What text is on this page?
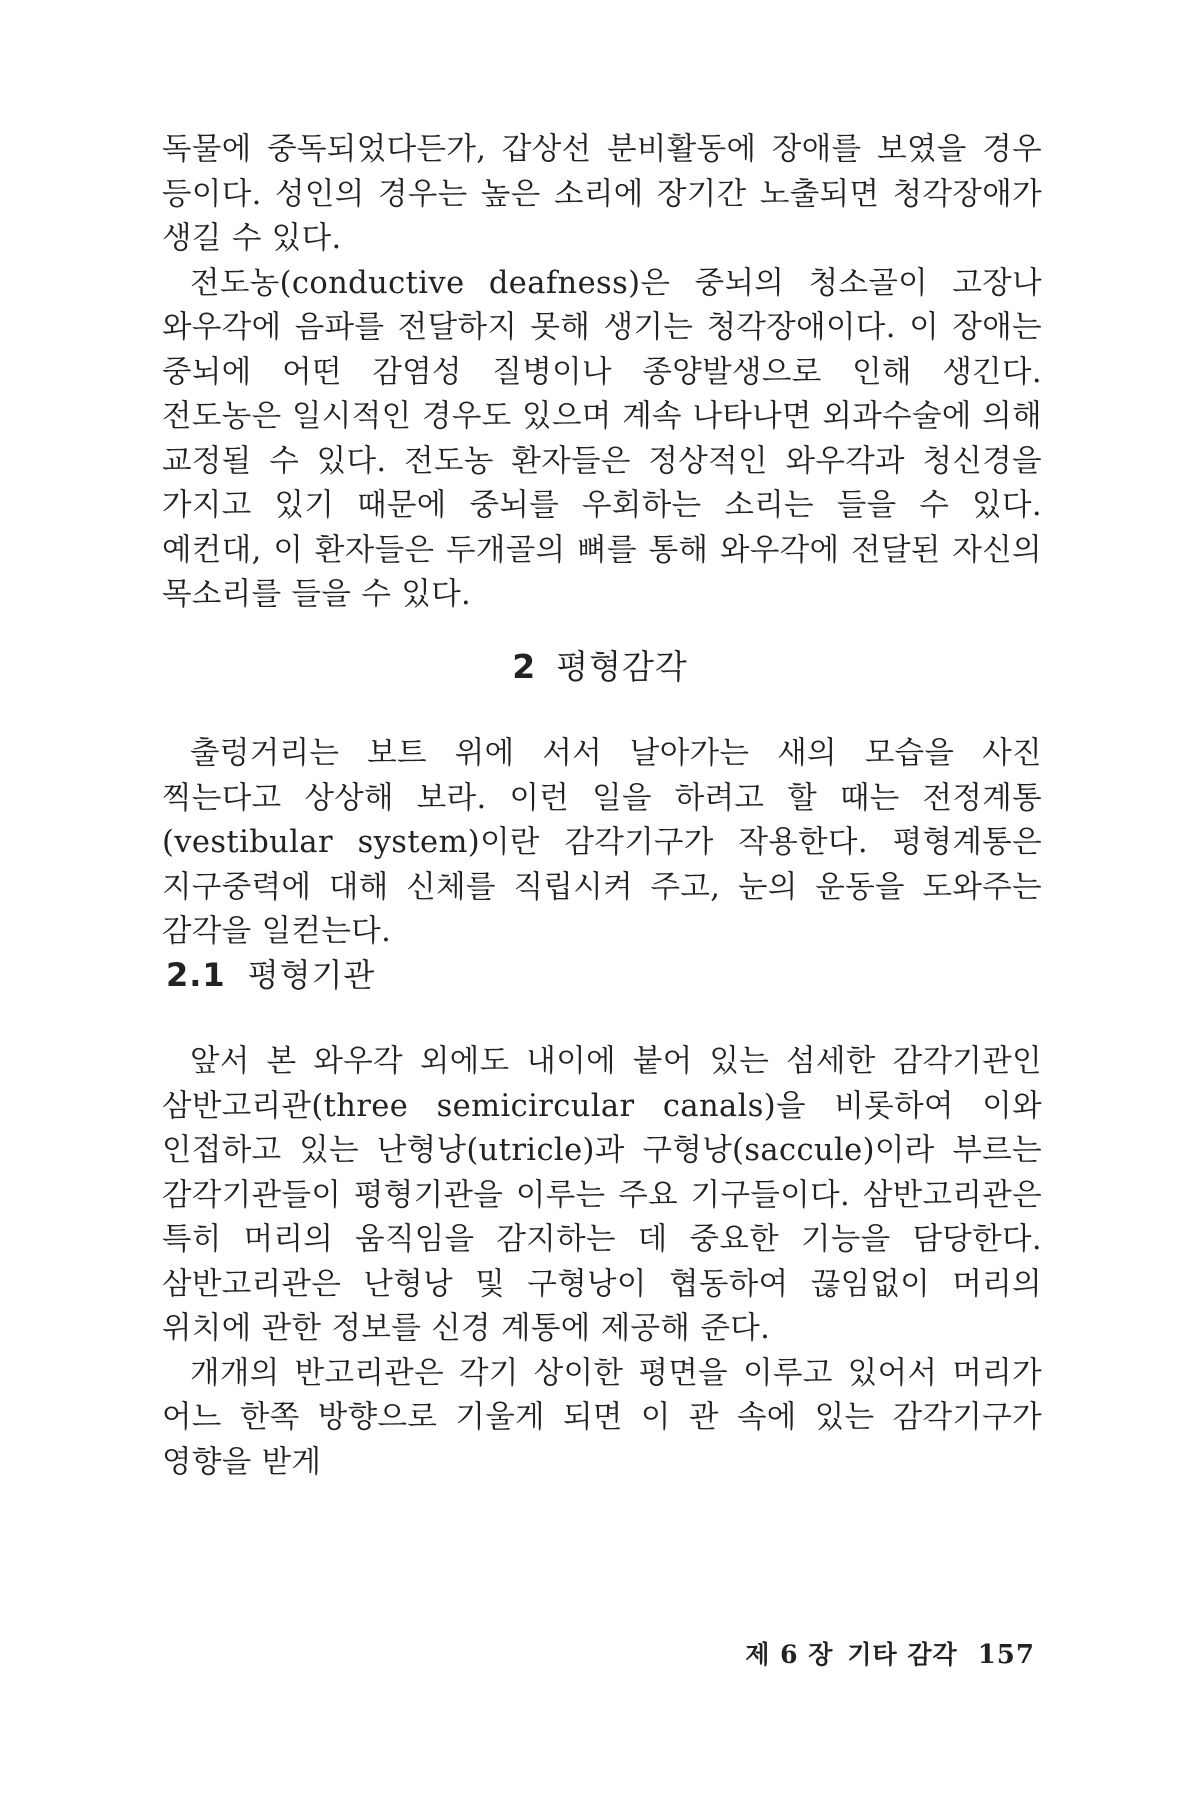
독물에 중독되었다든가, 갑상선 분비활동에 장애를 보였을 경우 등이다. 성인의 경우는 높은 소리에 장기간 노출되면 청각장애가 생길 수 있다.

전도농(conductive deafness)은 중뇌의 청소골이 고장나 와우각에 음파를 전달하지 못해 생기는 청각장애이다. 이 장애는 중뇌에 어떤 감염성 질병이나 종양발생으로 인해 생긴다. 전도농은 일시적인 경우도 있으며 계속 나타나면 외과수술에 의해 교정될 수 있다. 전도농 환자들은 정상적인 와우각과 청신경을 가지고 있기 때문에 중뇌를 우회하는 소리는 들을 수 있다. 예컨대, 이 환자들은 두개골의 뼈를 통해 와우각에 전달된 자신의 목소리를 들을 수 있다.

2 평형감각

출렁거리는 보트 위에 서서 날아가는 새의 모습을 사진 찍는다고 상상해 보라. 이런 일을 하려고 할 때는 전정계통(vestibular system)이란 감각기구가 작용한다. 평형계통은 지구중력에 대해 신체를 직립시켜 주고, 눈의 운동을 도와주는 감각을 일컫는다.

2.1 평형기관

앞서 본 와우각 외에도 내이에 붙어 있는 섬세한 감각기관인 삼반고리관(three semicircular canals)을 비롯하여 이와 인접하고 있는 난형낭(utricle)과 구형낭(saccule)이라 부르는 감각기관들이 평형기관을 이루는 주요 기구들이다. 삼반고리관은 특히 머리의 움직임을 감지하는 데 중요한 기능을 담당한다. 삼반고리관은 난형낭 및 구형낭이 협동하여 끊임없이 머리의 위치에 관한 정보를 신경 계통에 제공해 준다.

개개의 반고리관은 각기 상이한 평면을 이루고 있어서 머리가 어느 한쪽 방향으로 기울게 되면 이 관 속에 있는 감각기구가 영향을 받게

제 6 장 기타 감각 157
